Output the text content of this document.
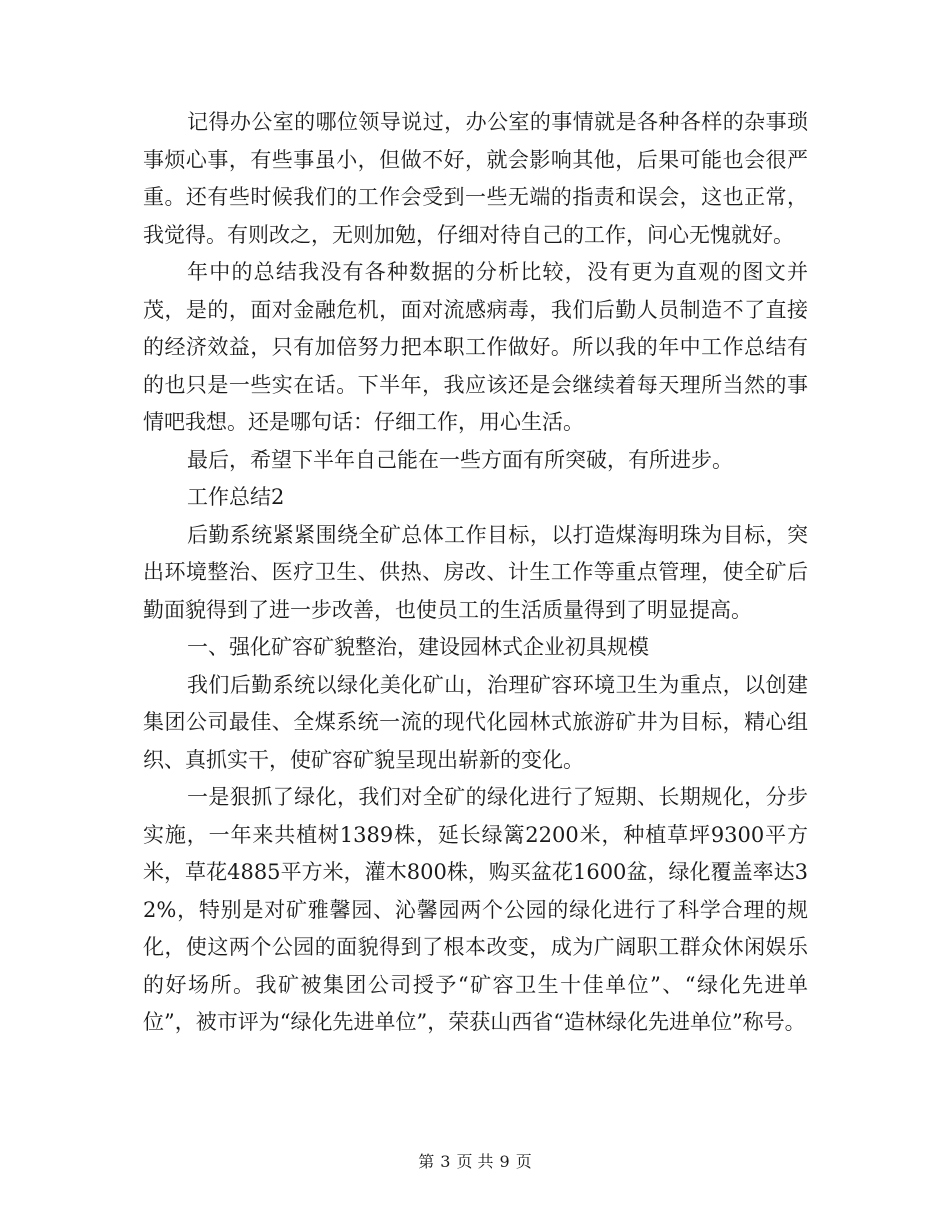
记得办公室的哪位领导说过，办公室的事情就是各种各样的杂事琐事烦心事，有些事虽小，但做不好，就会影响其他，后果可能也会很严重。还有些时候我们的工作会受到一些无端的指责和误会，这也正常，我觉得。有则改之，无则加勉，仔细对待自己的工作，问心无愧就好。

年中的总结我没有各种数据的分析比较，没有更为直观的图文并茂，是的，面对金融危机，面对流感病毒，我们后勤人员制造不了直接的经济效益，只有加倍努力把本职工作做好。所以我的年中工作总结有的也只是一些实在话。下半年，我应该还是会继续着每天理所当然的事情吧我想。还是哪句话：仔细工作，用心生活。

最后，希望下半年自己能在一些方面有所突破，有所进步。

工作总结2

后勤系统紧紧围绕全矿总体工作目标，以打造煤海明珠为目标，突出环境整治、医疗卫生、供热、房改、计生工作等重点管理，使全矿后勤面貌得到了进一步改善，也使员工的生活质量得到了明显提高。

一、强化矿容矿貌整治，建设园林式企业初具规模

我们后勤系统以绿化美化矿山，治理矿容环境卫生为重点，以创建集团公司最佳、全煤系统一流的现代化园林式旅游矿井为目标，精心组织、真抓实干，使矿容矿貌呈现出崭新的变化。

一是狠抓了绿化，我们对全矿的绿化进行了短期、长期规化，分步实施，一年来共植树1389株，延长绿篱2200米，种植草坪9300平方米，草花4885平方米，灌木800株，购买盆花1600盆，绿化覆盖率达32%，特别是对矿雅馨园、沁馨园两个公园的绿化进行了科学合理的规化，使这两个公园的面貌得到了根本改变，成为广阔职工群众休闲娱乐的好场所。我矿被集团公司授予“矿容卫生十佳单位”、“绿化先进单位”，被市评为“绿化先进单位”，荣获山西省“造林绿化先进单位”称号。

第 3 页 共 9 页
